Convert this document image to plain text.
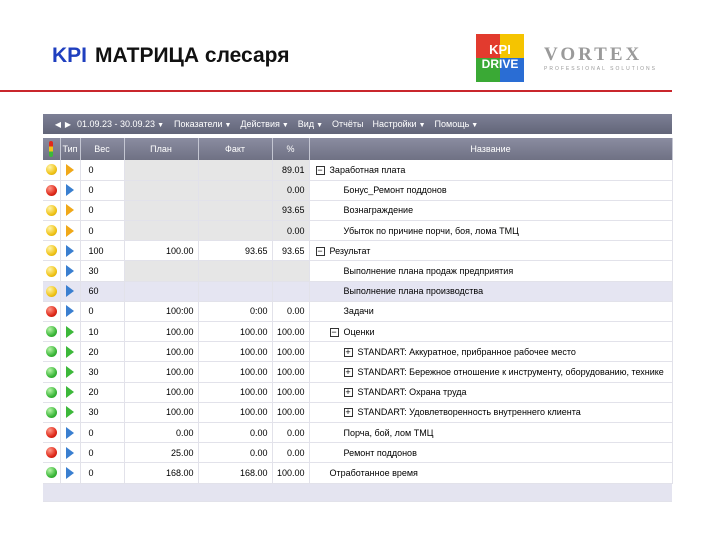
KPI МАТРИЦА слесаря	KPI
DRIVE VORTEX
PROFESSIONAL SOLUTIONS
◀ ▶ 01.09.23 - 30.09.23 ▼ Показатели ▼ Действия ▼ Вид ▼ Отчёты Настройки ▼ Помощь ▼
	Тип	Вес	План	Факт	%	Название
		0			89.01	− Заработная плата
		0			0.00	Бонус_Ремонт поддонов
		0			93.65	Вознаграждение
		0			0.00	Убыток по причине порчи, боя, лома ТМЦ
		100	100.00	93.65	93.65	− Результат
		30				Выполнение плана продаж предприятия
		60				Выполнение плана производства
		0	100:00	0:00	0.00	Задачи
		10	100.00	100.00	100.00	− Оценки
		20	100.00	100.00	100.00	+ STANDART: Аккуратное, прибранное рабочее место
		30	100.00	100.00	100.00	+ STANDART: Бережное отношение к инструменту, оборудованию, технике
		20	100.00	100.00	100.00	+ STANDART: Охрана труда
		30	100.00	100.00	100.00	+ STANDART: Удовлетворенность внутреннего клиента
		0	0.00	0.00	0.00	Порча, бой, лом ТМЦ
		0	25.00	0.00	0.00	Ремонт поддонов
		0	168.00	168.00	100.00	Отработанное время
